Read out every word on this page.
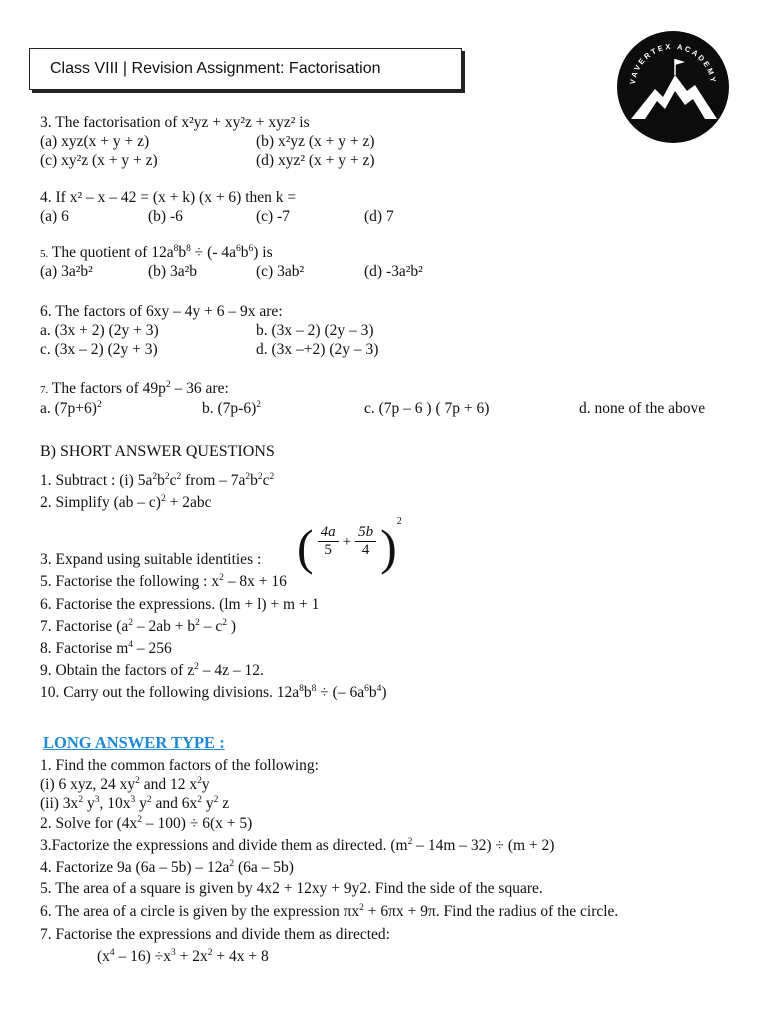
Class VIII | Revision Assignment: Factorisation
VAVERTEX ACADEMY
3. The factorisation of x²yz + xy²z + xyz² is
(a) xyz(x + y + z)	(b) x²yz (x + y + z)
(c) xy²z (x + y + z)	(d) xyz² (x + y + z)
4. If x² – x – 42 = (x + k) (x + 6) then k =
(a) 6	(b) -6	(c) -7	(d) 7
5. The quotient of $12a^8b^8$ ÷ (- $4a^6b^6$) is
(a) 3a²b²	(b) 3a²b	(c) 3ab²	(d) -3a²b²
6. The factors of 6xy – 4y + 6 – 9x are:
a. (3x + 2) (2y + 3)	b. (3x – 2) (2y – 3)
c. (3x – 2) (2y + 3)	d. (3x –+2) (2y – 3)
7. The factors of $49p^2 - 36$ are:
a. $(7p+6)^2$	b. $(7p-6)^2$	c. (7p – 6 ) ( 7p + 6)	d. none of the above
B) SHORT ANSWER QUESTIONS
1. Subtract : (i) $5a^2b^2c^2$ from – $7a^2b^2c^2$
2. Simplify (ab – c)$^2$ + 2abc
( $\frac{4a}{5} + \frac{5b}{4}$ ) 2
3. Expand using suitable identities :
5. Factorise the following : $x^2 - 8x + 16$
6. Factorise the expressions. (lm + l) + m + 1
7. Factorise ($a^2 - 2ab + b^2 - c^2$ )
8. Factorise $m^4 - 256$
9. Obtain the factors of $z^2 - 4z - 12$.
10. Carry out the following divisions. $12a^8b^8$ ÷ (– $6a^6b^4$)
LONG ANSWER TYPE :
1. Find the common factors of the following:
(i) 6 xyz, 24 $xy^2$ and 12 $x^2y$
(ii) $3x^2$ $y^3$, $10x^3$ $y^2$ and $6x^2$ $y^2$ z
2. Solve for $(4x^2 - 100) \div 6(x + 5)$
3.Factorize the expressions and divide them as directed. $(m^2 - 14m - 32) \div (m + 2)$
4. Factorize 9a $(6a - 5b) - 12a^2$ (6a – 5b)
5. The area of a square is given by 4x2 + 12xy + 9y2. Find the side of the square.
6. The area of a circle is given by the expression $\pi x^2 + 6\pi x + 9\pi$. Find the radius of the circle.
7. Factorise the expressions and divide them as directed:
$(x^4 - 16) \div x^3 + 2x^2 + 4x + 8$
